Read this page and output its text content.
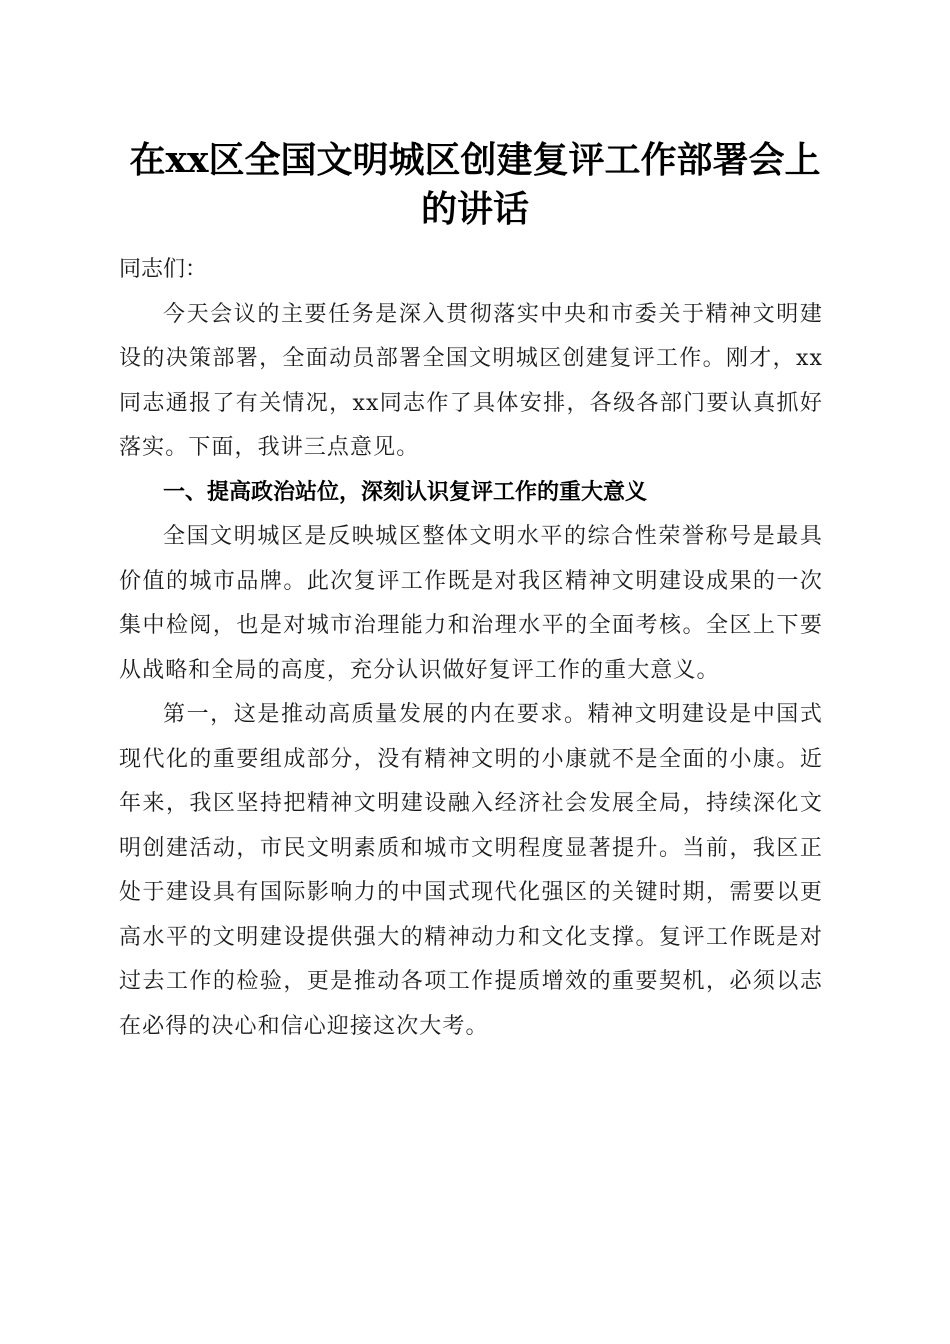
在xx区全国文明城区创建复评工作部署会上
的讲话

同志们：

今天会议的主要任务是深入贯彻落实中央和市委关于精神文明建设的决策部署，全面动员部署全国文明城区创建复评工作。刚才，xx同志通报了有关情况，xx同志作了具体安排，各级各部门要认真抓好落实。下面，我讲三点意见。

一、提高政治站位，深刻认识复评工作的重大意义

全国文明城区是反映城区整体文明水平的综合性荣誉称号是最具价值的城市品牌。此次复评工作既是对我区精神文明建设成果的一次集中检阅，也是对城市治理能力和治理水平的全面考核。全区上下要从战略和全局的高度，充分认识做好复评工作的重大意义。

第一，这是推动高质量发展的内在要求。精神文明建设是中国式现代化的重要组成部分，没有精神文明的小康就不是全面的小康。近年来，我区坚持把精神文明建设融入经济社会发展全局，持续深化文明创建活动，市民文明素质和城市文明程度显著提升。当前，我区正处于建设具有国际影响力的中国式现代化强区的关键时期，需要以更高水平的文明建设提供强大的精神动力和文化支撑。复评工作既是对过去工作的检验，更是推动各项工作提质增效的重要契机，必须以志在必得的决心和信心迎接这次大考。
